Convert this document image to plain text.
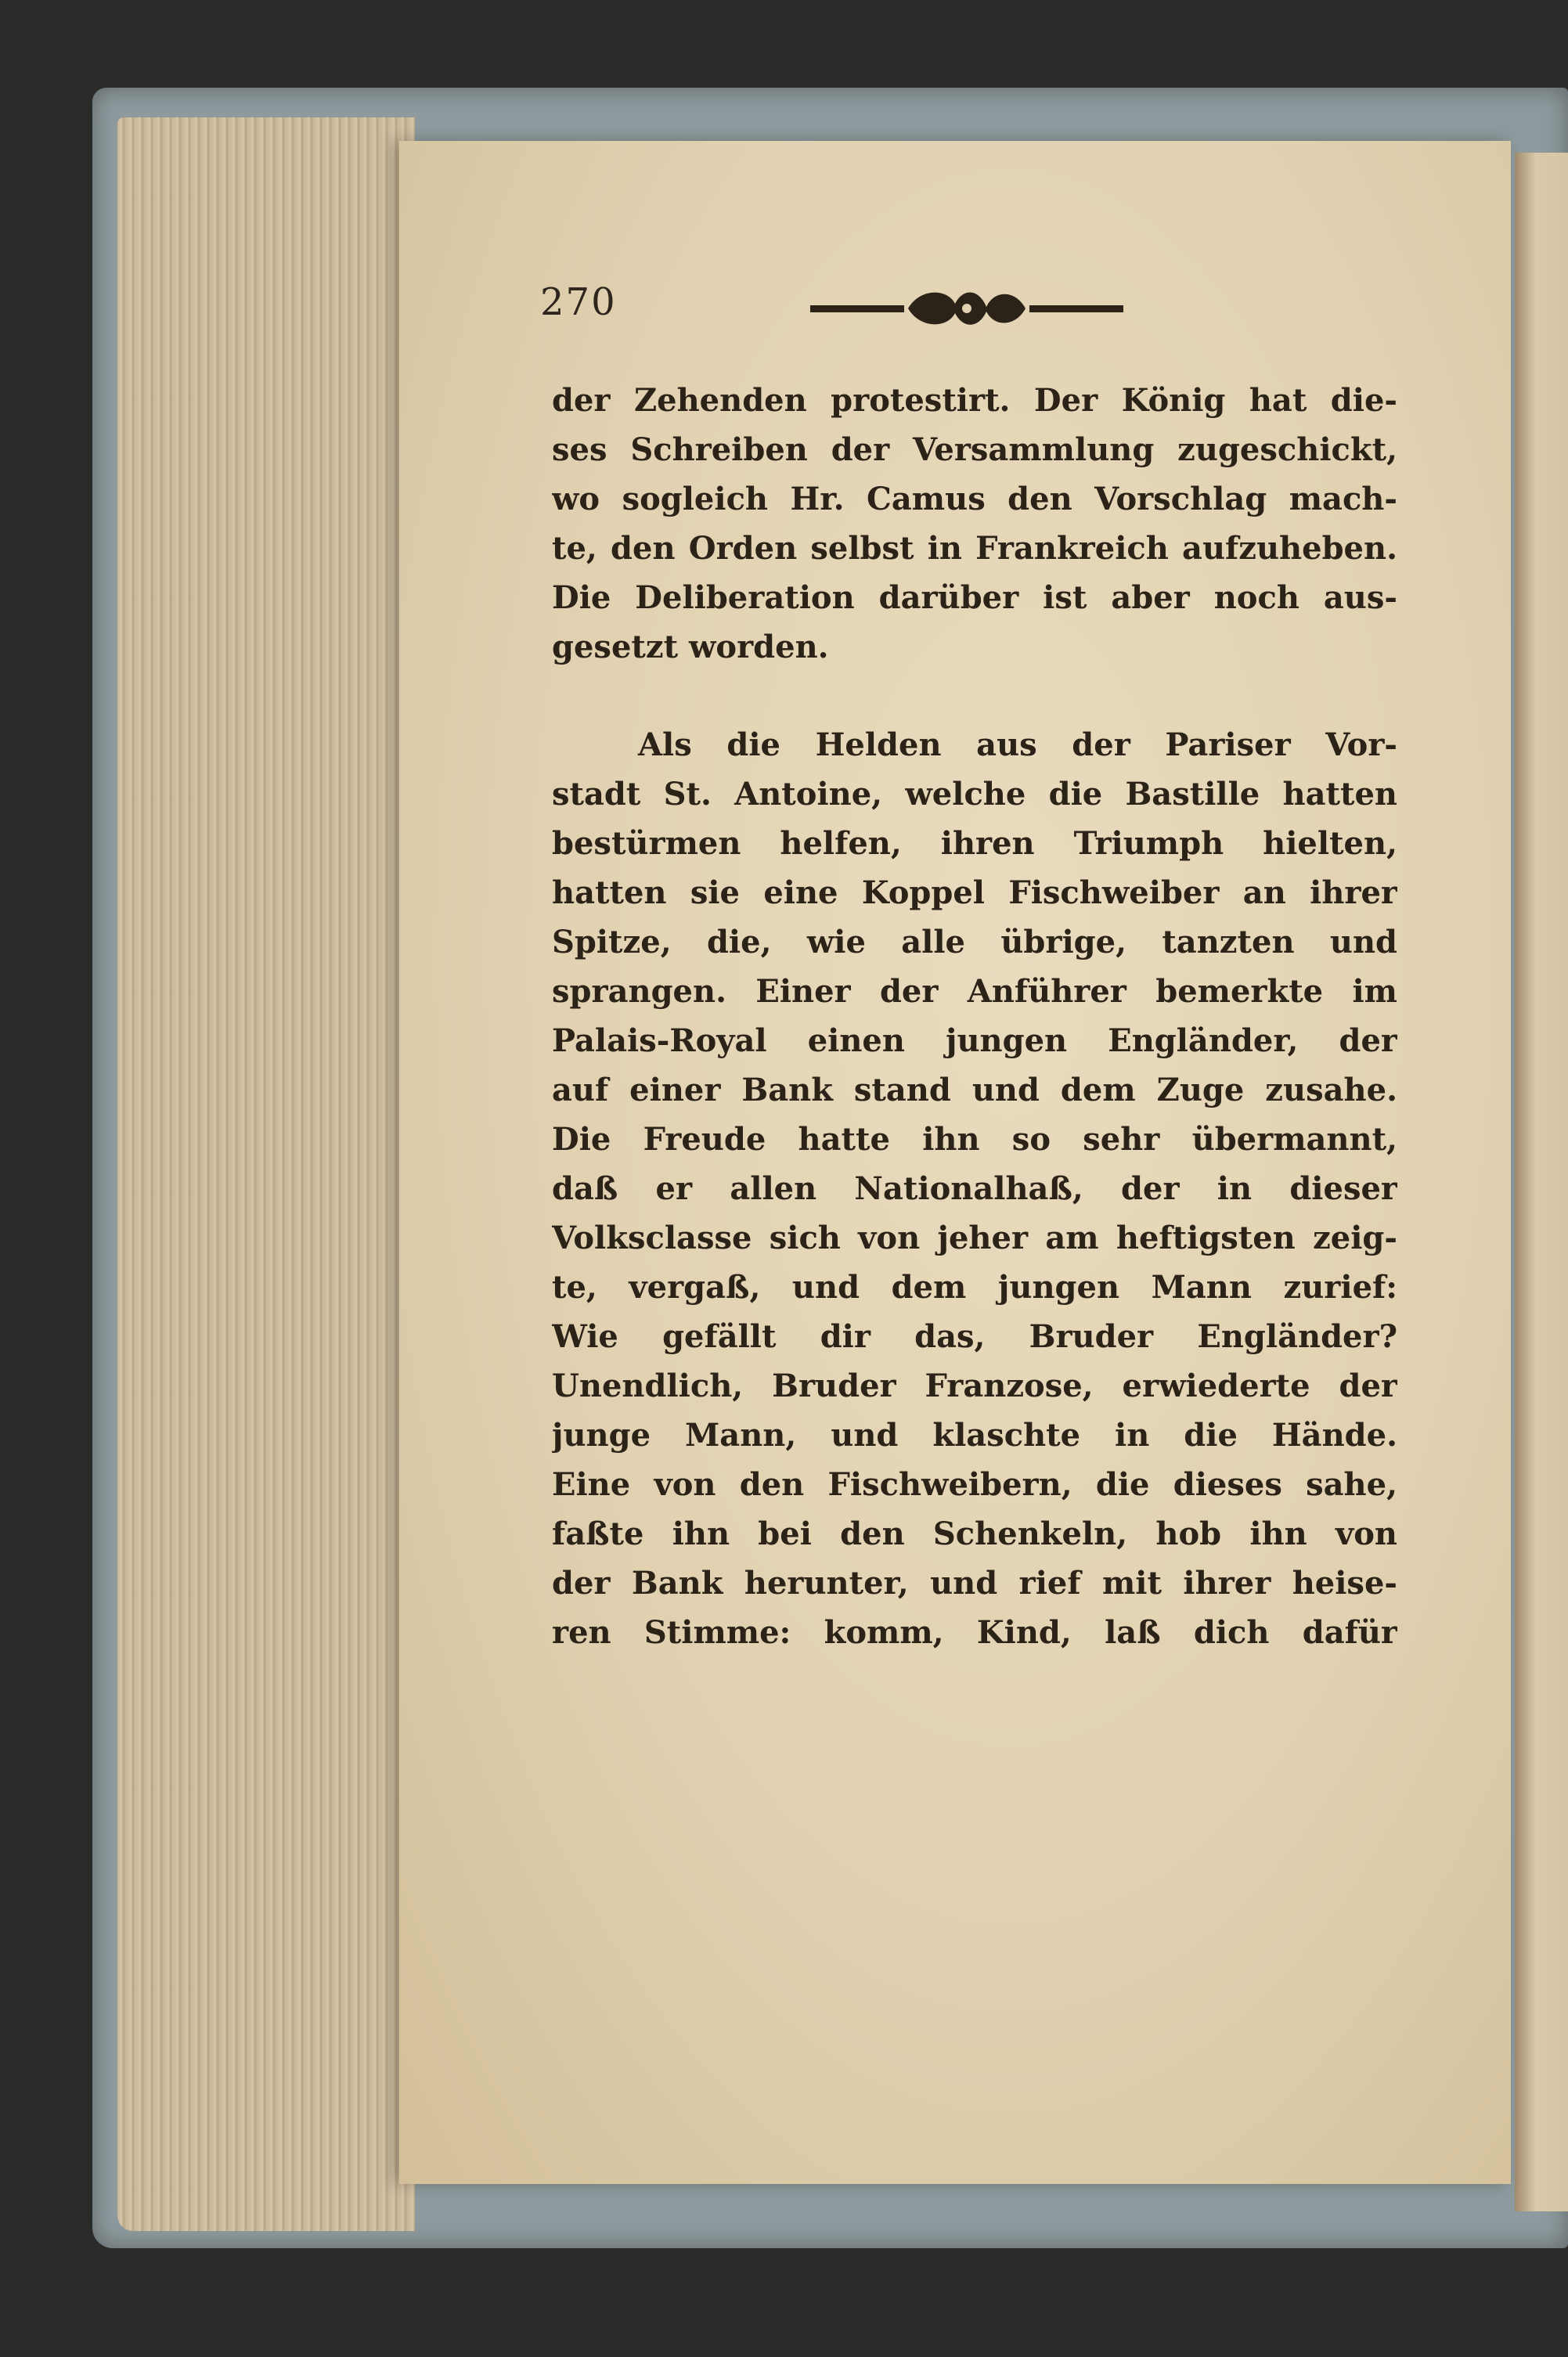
270
der Zehenden protestirt. Der König hat die-
ses Schreiben der Versammlung zugeschickt,
wo sogleich Hr. Camus den Vorschlag mach-
te, den Orden selbst in Frankreich aufzuheben.
Die Deliberation darüber ist aber noch aus-
gesetzt worden.
Als die Helden aus der Pariser Vor-
stadt St. Antoine, welche die Bastille hatten
bestürmen helfen, ihren Triumph hielten,
hatten sie eine Koppel Fischweiber an ihrer
Spitze, die, wie alle übrige, tanzten und
sprangen. Einer der Anführer bemerkte im
Palais-Royal einen jungen Engländer, der
auf einer Bank stand und dem Zuge zusahe.
Die Freude hatte ihn so sehr übermannt,
daß er allen Nationalhaß, der in dieser
Volksclasse sich von jeher am heftigsten zeig-
te, vergaß, und dem jungen Mann zurief:
Wie gefällt dir das, Bruder Engländer?
Unendlich, Bruder Franzose, erwiederte der
junge Mann, und klaschte in die Hände.
Eine von den Fischweibern, die dieses sahe,
faßte ihn bei den Schenkeln, hob ihn von
der Bank herunter, und rief mit ihrer heise-
ren Stimme: komm, Kind, laß dich dafür
